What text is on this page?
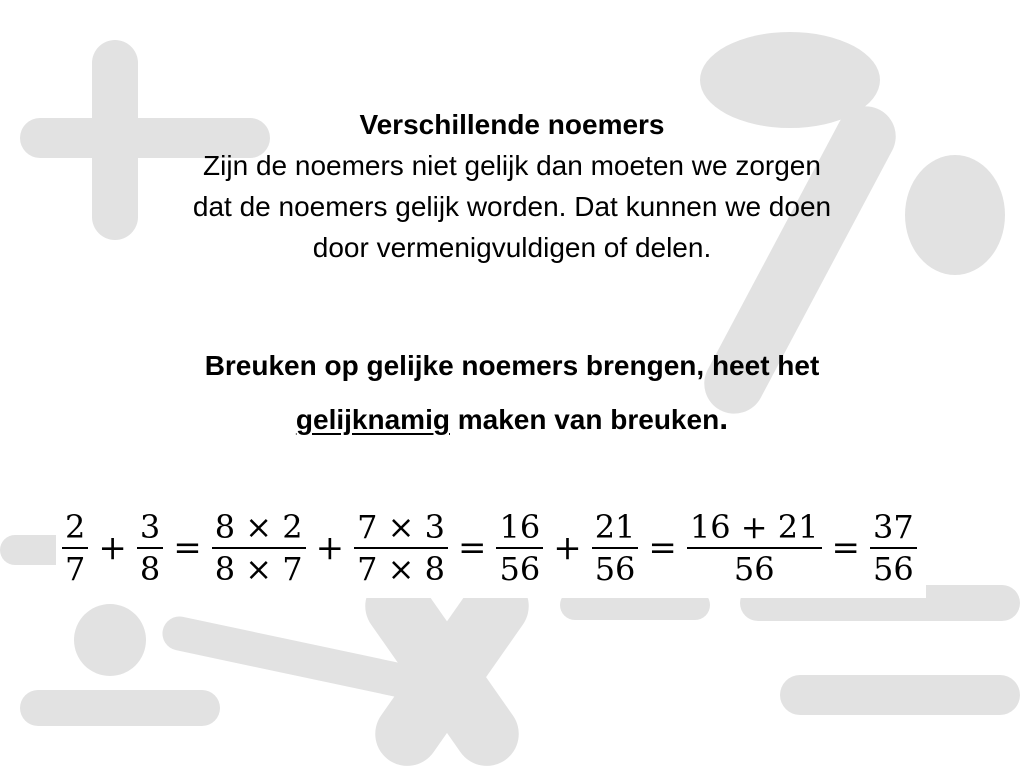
Verschillende noemers
Zijn de noemers niet gelijk dan moeten we zorgen
dat de noemers gelijk worden. Dat kunnen we doen
door vermenigvuldigen of delen.
Breuken op gelijke noemers brengen, heet het
gelijknamig maken van breuken.
$\frac{2}{7} + \frac{3}{8} = \frac{8 \times 2}{8 \times 7} + \frac{7 \times 3}{7 \times 8} = \frac{16}{56} + \frac{21}{56} = \frac{16 + 21}{56} = \frac{37}{56}$
